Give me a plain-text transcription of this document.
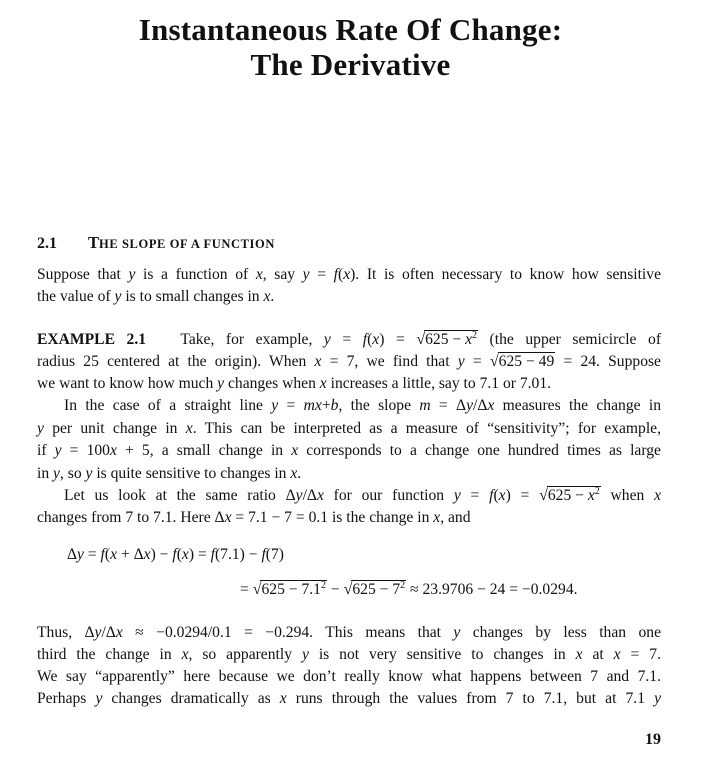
Instantaneous Rate Of Change:
The Derivative
2.1 THE SLOPE OF A FUNCTION
Suppose that y is a function of x, say y = f(x). It is often necessary to know how sensitive
the value of y is to small changes in x.
EXAMPLE 2.1   Take, for example, $y = f(x) = √625 - x^2$ (the upper semicircle of
radius 25 centered at the origin). When x = 7, we find that y = √625 − 49 = 24. Suppose
we want to know how much y changes when x increases a little, say to 7.1 or 7.01.
In the case of a straight line y = mx+b, the slope m = Δy/Δx measures the change in
y per unit change in x. This can be interpreted as a measure of “sensitivity”; for example,
if y = 100x + 5, a small change in x corresponds to a change one hundred times as large
in y, so y is quite sensitive to changes in x.
Let us look at the same ratio Δy/Δx for our function $y = f(x) = √625 - x^2$ when x
changes from 7 to 7.1. Here Δx = 7.1 − 7 = 0.1 is the change in x, and
Δy = f(x + Δx) − f(x) = f(7.1) − f(7)
= $√625 - 7.1^2 - √625 - 7^2 \approx 23.9706 - 24 = -0.0294$.
Thus, Δy/Δx ≈ −0.0294/0.1 = −0.294. This means that y changes by less than one
third the change in x, so apparently y is not very sensitive to changes in x at x = 7.
We say “apparently” here because we don’t really know what happens between 7 and 7.1.
Perhaps y changes dramatically as x runs through the values from 7 to 7.1, but at 7.1 y
19
